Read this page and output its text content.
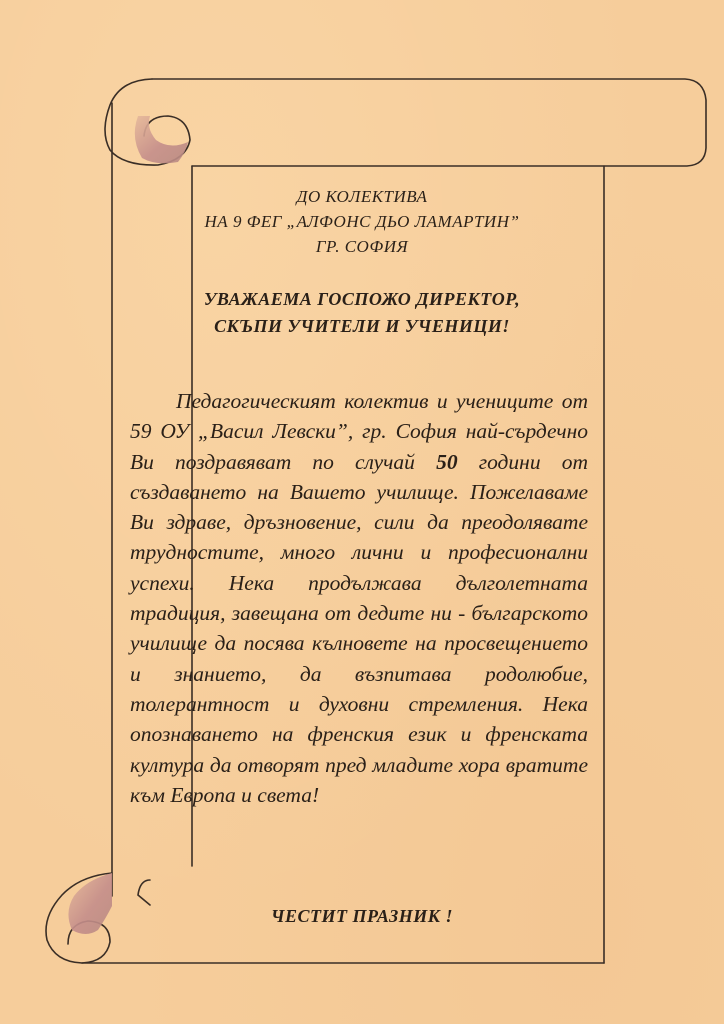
ДО КОЛЕКТИВА
НА 9 ФЕГ „АЛФОНС ДЬО ЛАМАРТИН”
ГР. СОФИЯ
УВАЖАЕМА ГОСПОЖО ДИРЕКТОР,
СКЪПИ УЧИТЕЛИ И УЧЕНИЦИ!
Педагогическият колектив и учениците от 59 ОУ „Васил Левски”, гр. София най-сърдечно Ви поздравяват по случай 50 години от създаването на Вашето училище. Пожелаваме Ви здраве, дръзновение, сили да преодолявате трудностите, много лични и професионални успехи. Нека продължава дълголетната традиция, завещана от дедите ни - българското училище да посява кълновете на просвещението и знанието, да възпитава родолюбие, толерантност и духовни стремления. Нека опознаването на френския език и френската култура да отворят пред младите хора вратите към Европа и света!
ЧЕСТИТ ПРАЗНИК !
